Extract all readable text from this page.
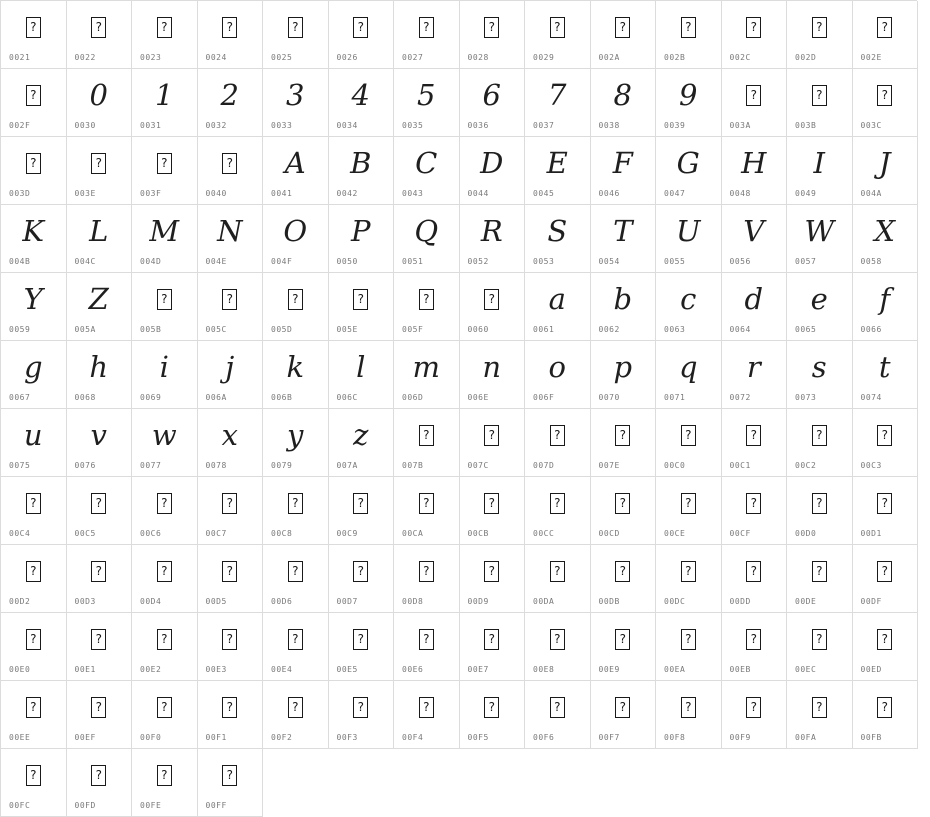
?
0021
?
0022
?
0023
?
0024
?
0025
?
0026
?
0027
?
0028
?
0029
?
002A
?
002B
?
002C
?
002D
?
002E
?
002F
0
0030
1
0031
2
0032
3
0033
4
0034
5
0035
6
0036
7
0037
8
0038
9
0039
?
003A
?
003B
?
003C
?
003D
?
003E
?
003F
?
0040
A
0041
B
0042
C
0043
D
0044
E
0045
F
0046
G
0047
H
0048
I
0049
J
004A
K
004B
L
004C
M
004D
N
004E
O
004F
P
0050
Q
0051
R
0052
S
0053
T
0054
U
0055
V
0056
W
0057
X
0058
Y
0059
Z
005A
?
005B
?
005C
?
005D
?
005E
?
005F
?
0060
a
0061
b
0062
c
0063
d
0064
e
0065
f
0066
g
0067
h
0068
i
0069
j
006A
k
006B
l
006C
m
006D
n
006E
o
006F
p
0070
q
0071
r
0072
s
0073
t
0074
u
0075
v
0076
w
0077
x
0078
y
0079
z
007A
?
007B
?
007C
?
007D
?
007E
?
00C0
?
00C1
?
00C2
?
00C3
?
00C4
?
00C5
?
00C6
?
00C7
?
00C8
?
00C9
?
00CA
?
00CB
?
00CC
?
00CD
?
00CE
?
00CF
?
00D0
?
00D1
?
00D2
?
00D3
?
00D4
?
00D5
?
00D6
?
00D7
?
00D8
?
00D9
?
00DA
?
00DB
?
00DC
?
00DD
?
00DE
?
00DF
?
00E0
?
00E1
?
00E2
?
00E3
?
00E4
?
00E5
?
00E6
?
00E7
?
00E8
?
00E9
?
00EA
?
00EB
?
00EC
?
00ED
?
00EE
?
00EF
?
00F0
?
00F1
?
00F2
?
00F3
?
00F4
?
00F5
?
00F6
?
00F7
?
00F8
?
00F9
?
00FA
?
00FB
?
00FC
?
00FD
?
00FE
?
00FF
